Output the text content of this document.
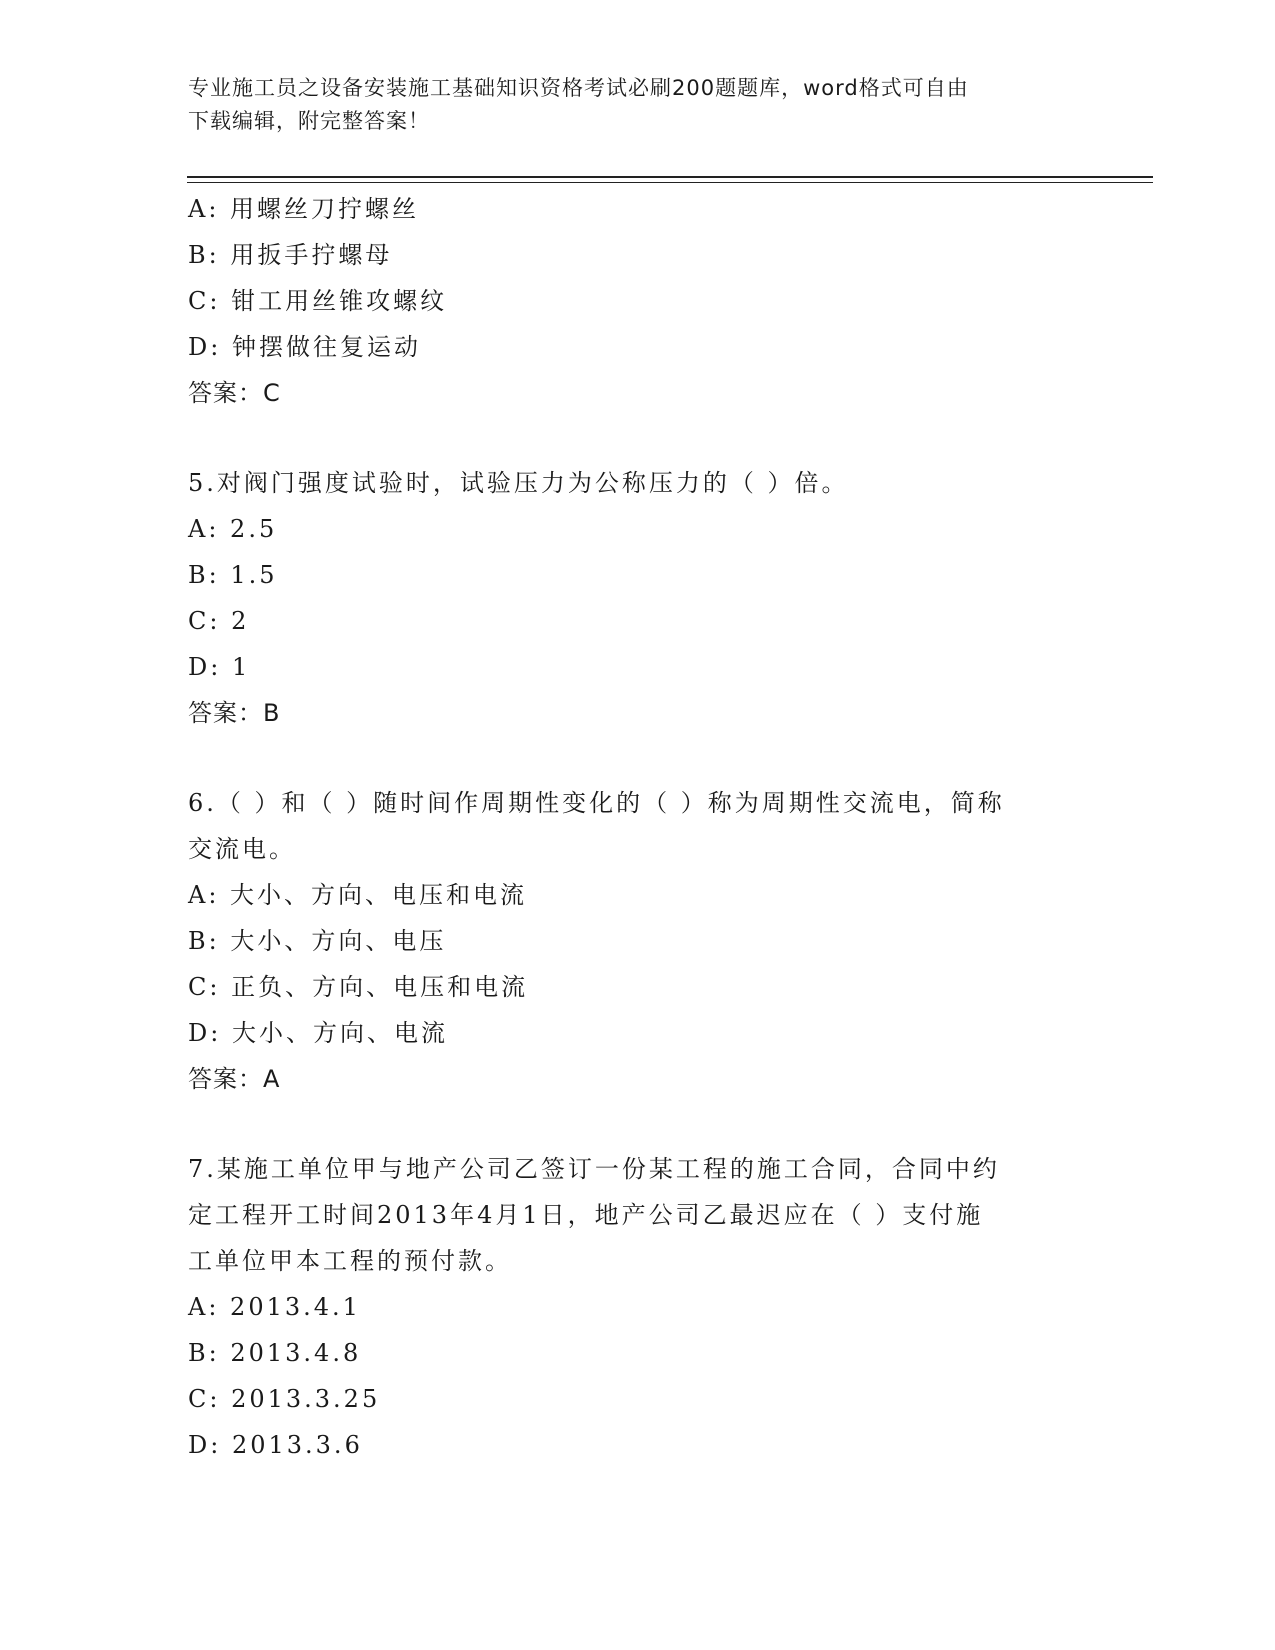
专业施工员之设备安装施工基础知识资格考试必刷200题题库，word格式可自由
下载编辑，附完整答案！
A: 用螺丝刀拧螺丝
B: 用扳手拧螺母
C: 钳工用丝锥攻螺纹
D: 钟摆做往复运动
答案：C
5.对阀门强度试验时，试验压力为公称压力的（ ）倍。
A: 2.5
B: 1.5
C: 2
D: 1
答案：B
6.（ ）和（ ）随时间作周期性变化的（ ）称为周期性交流电，简称
交流电。
A: 大小、方向、电压和电流
B: 大小、方向、电压
C: 正负、方向、电压和电流
D: 大小、方向、电流
答案：A
7.某施工单位甲与地产公司乙签订一份某工程的施工合同，合同中约
定工程开工时间2013年4月1日，地产公司乙最迟应在（ ）支付施
工单位甲本工程的预付款。
A: 2013.4.1
B: 2013.4.8
C: 2013.3.25
D: 2013.3.6
